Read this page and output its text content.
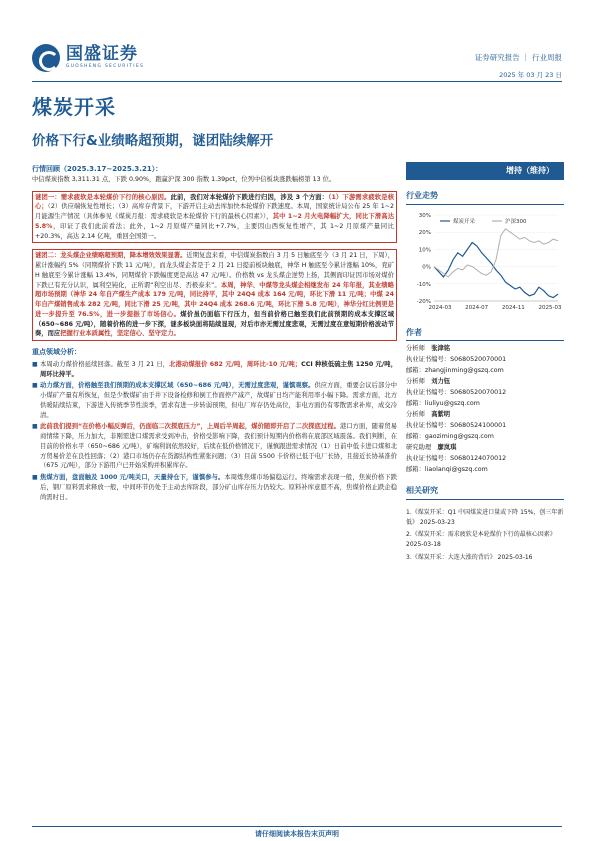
国盛证券
GUOSHENG SECURITIES
证券研究报告 ｜ 行业周报
2025 年 03 月 23 日
煤炭开采
价格下行&业绩略超预期，谜团陆续解开
行情回顾（2025.3.17~2025.3.21）：
中信煤炭指数 3,311.31 点，下跌 0.90%，跑赢沪深 300 指数 1.39pct，位列中信板块涨跌幅榜第 13 位。
谜团一：需求疲软是本轮煤价下行的核心原因。此前，我们对本轮煤价下跌进行归因，涉及 3 个方面：（1）下游需求疲软是核心；（2）供应端恢复性增长；（3）高库存背景下，下游开启主动去库加快本轮煤价下跌速度。本周，国家统计局公布 25 年 1~2 月能源生产情况（具体参见《煤炭月报：需求疲软是本轮煤价下行的最核心因素》），其中 1~2 月火电降幅扩大，同比下滑高达 5.8%，印证了我们此前看法；此外，1~2 月原煤产量同比+7.7%，主要因山西恢复性增产，其 1~2 月原煤产量同比+20.3%，高达 2.14 亿吨，重回全国第一。
谜团二：龙头煤企业绩略超预期，降本增效效果显著。近期复盘来看，中信煤炭指数自 3 月 5 日触底至今（3 月 21 日，下周），累计涨幅约 5%（同期煤价下跌 11 元/吨），而龙头煤企者是于 2 月 21 日提前板块触底，神华 H 触底至今累计涨幅 10%，兖矿 H 触底至今累计涨幅 13.4%，同期煤价下跌幅度更是高达 47 元/吨）。价格数 vs 龙头煤企逆势上扬，其侧面印证因市场对煤价下跌已有充分认识，属利空钝化，正所谓“利空出尽、否极泰来”。本周，神华、中煤等龙头煤企相继发布 24 年年报，其业绩略超市场预期（神华 24 年自产煤生产成本 179 元/吨，同比持平，其中 24Q4 成本 164 元/吨，环比下滑 11 元/吨；中煤 24 年自产煤销售成本 282 元/吨，同比下滑 25 元/吨，其中 24Q4 成本 268.6 元/吨，环比下滑 5.8 元/吨），神华分红比例更是进一步提升至 76.5%，进一步提振了市场信心。煤价虽仍面临下行压力，但当前价格已触至我们此前预期的成本支撑区域（650~686 元/吨），随着价格的进一步下探，谜多板块面将陆续显现，对后市亦无需过度悲观，无需过度在意短期价格波动节奏，而应把握行业本质属性，坚定信心、坚守定力。
重点领域分析：
■ 本周动力煤价格延续回落。截至 3 月 21 日，北港动煤报价 682 元/吨，周环比-10 元/吨；CCI 种核低硫主焦 1250 元/吨，周环比持平。
■ 动力煤方面，价格触至我们预期的成本支撑区域（650~686 元/吨），无需过度悲观，谨慎观察。供应方面，重要会议后部分中小煤矿产量有所恢复，但是少数煤矿由于井下设备检修和倒工作面停产减产，故煤矿日均产能利用率小幅下降。需求方面，北方供暖陆续结束，下游进入传统季节性淡季，需求有进一步转弱预期，但电厂库存仍处高位，非电方面仍有零散需求补库，成交冷清。
■ 此前我们提到“在价格小幅反弹后，仍面临二次探底压力”，上周后半周起，煤价随即开启了二次探底过程。港口方面，随着贸易商情绪下降，压力加大，非刚需进口煤需求受到冲击，价格受影响下降，我们预计短期内价格将在底部区域震荡。我们判断，在目前的价格水平（650~686 元/吨），矿端利润依然较好，后续在低价格情况下，谨慎跟进需求情况（1）日前中低卡进口煤和北方贸易价差在良性回落；（2）港口市场仍存在货源结构性紧张问题；（3）目前 5500 卡价格已低于电厂长协，且接近长协基准价（675 元/吨），部分下游用户已开始采购并积累库存。
■ 焦煤方面，盘面触及 1000 元/吨关口，天量持仓下，谨慎参与。本周炼焦煤市场偏稳运行。终端需求表现一般，焦炭价格下跌后，钢厂原料需求释放一般，中间环节仍处于主动去库阶段，部分矿山库存压力仍较大。原料补库意愿不高，焦煤价格止跌企稳尚需时日。
增持（维持）
行业走势
30%
20%
10%
0%
-10%
-20%
2024-03 2024-07 2024-11 2025-03
煤炭开采	沪深300
作者
分析师　 张津铭
执业证书编号：S0680520070001
邮箱：zhangjinming@gszq.com
分析师　 刘力钰
执业证书编号：S0680520070012
邮箱：liuliyu@gszq.com
分析师　 高紫明
执业证书编号：S0680524100001
邮箱：gaoziming@gszq.com
研究助理　 廖岚琪
执业证书编号：S0680124070012
邮箱：liaolanqi@gszq.com
相关研究
1.《煤炭开采：Q1 中国煤炭进口量或下降 15%，创三年新低》 2025-03-23
2.《煤炭开采：需求疲软是本轮煤价下行的最核心因素》 2025-03-18
3.《煤炭开采：大连大涨的背后》 2025-03-16
请仔细阅读本报告末页声明
